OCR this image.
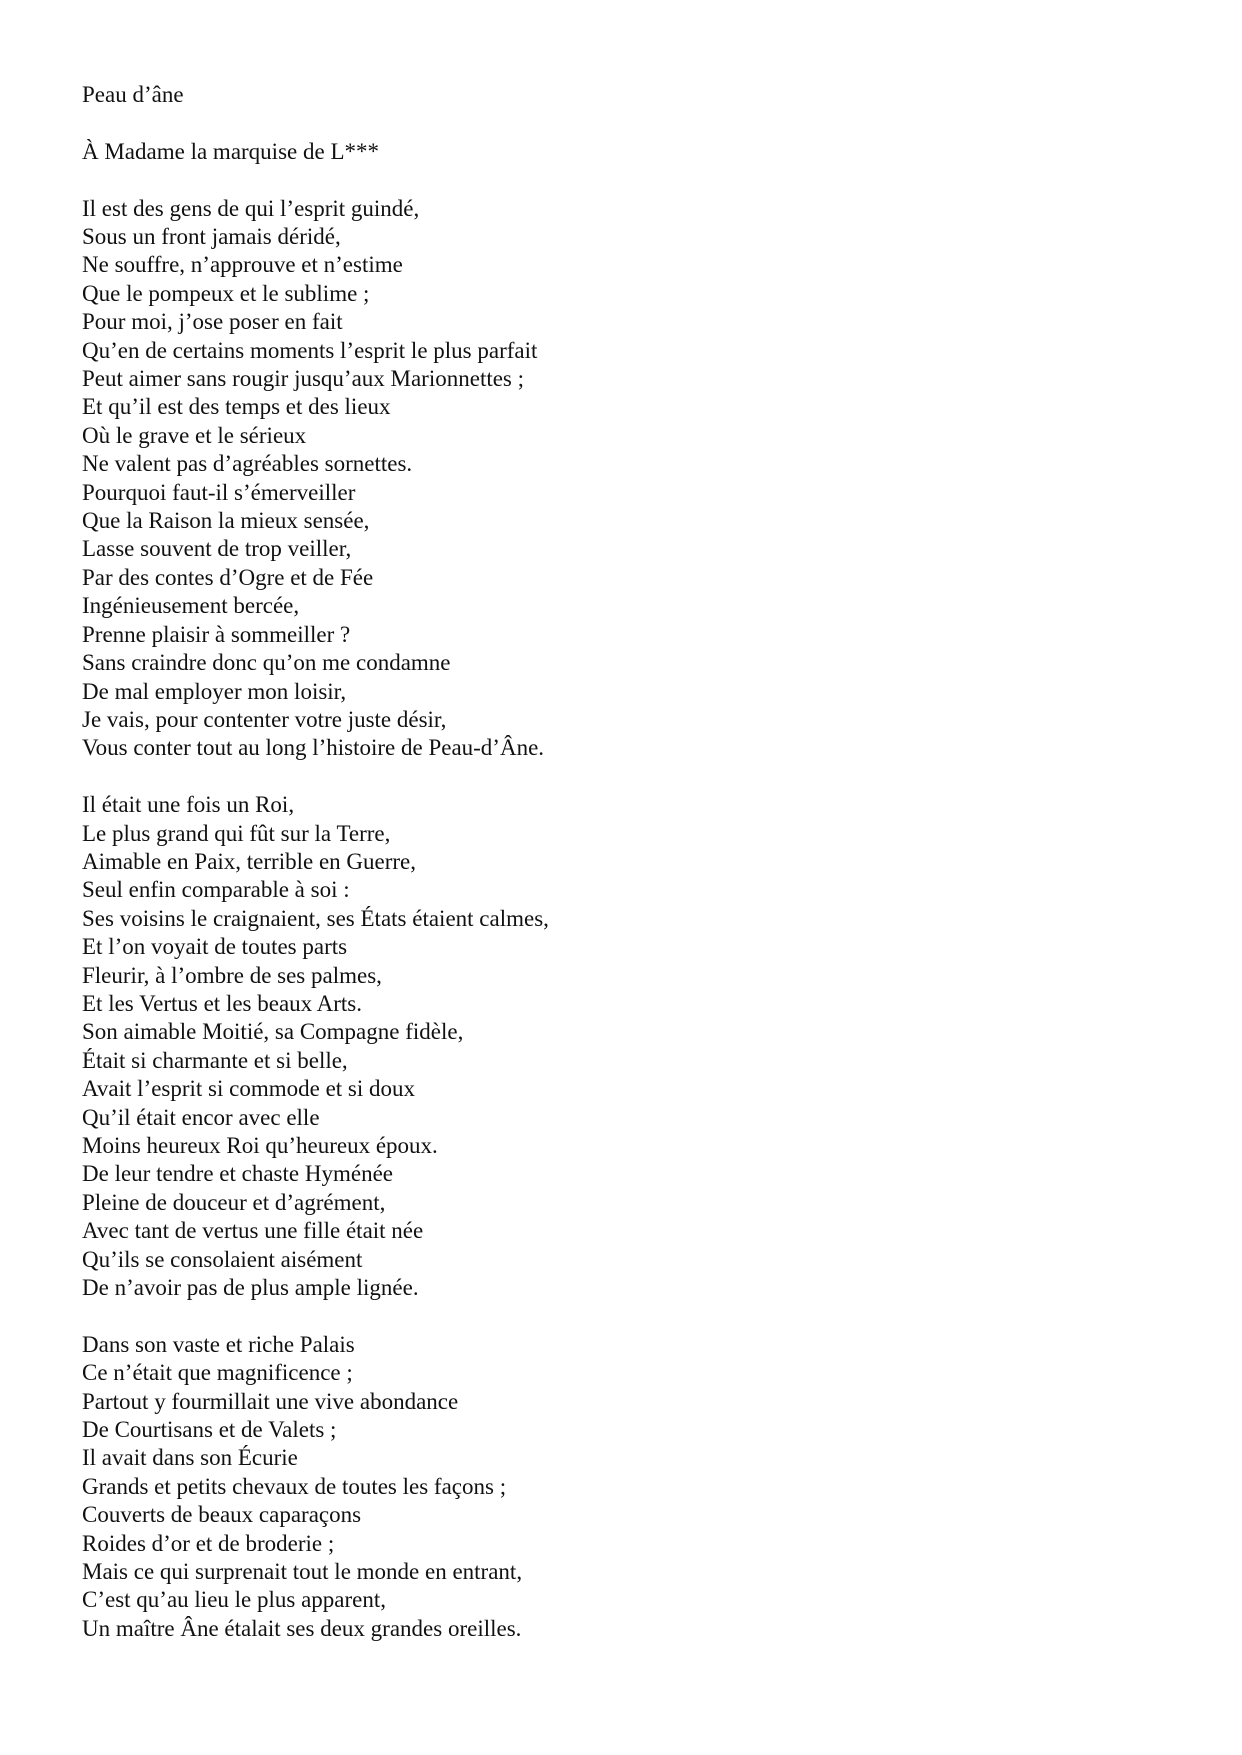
Peau d’âne
À Madame la marquise de L***
Il est des gens de qui l’esprit guindé,
Sous un front jamais déridé,
Ne souffre, n’approuve et n’estime
Que le pompeux et le sublime ;
Pour moi, j’ose poser en fait
Qu’en de certains moments l’esprit le plus parfait
Peut aimer sans rougir jusqu’aux Marionnettes ;
Et qu’il est des temps et des lieux
Où le grave et le sérieux
Ne valent pas d’agréables sornettes.
Pourquoi faut-il s’émerveiller
Que la Raison la mieux sensée,
Lasse souvent de trop veiller,
Par des contes d’Ogre et de Fée
Ingénieusement bercée,
Prenne plaisir à sommeiller ?
Sans craindre donc qu’on me condamne
De mal employer mon loisir,
Je vais, pour contenter votre juste désir,
Vous conter tout au long l’histoire de Peau-d’Âne.
Il était une fois un Roi,
Le plus grand qui fût sur la Terre,
Aimable en Paix, terrible en Guerre,
Seul enfin comparable à soi :
Ses voisins le craignaient, ses États étaient calmes,
Et l’on voyait de toutes parts
Fleurir, à l’ombre de ses palmes,
Et les Vertus et les beaux Arts.
Son aimable Moitié, sa Compagne fidèle,
Était si charmante et si belle,
Avait l’esprit si commode et si doux
Qu’il était encor avec elle
Moins heureux Roi qu’heureux époux.
De leur tendre et chaste Hyménée
Pleine de douceur et d’agrément,
Avec tant de vertus une fille était née
Qu’ils se consolaient aisément
De n’avoir pas de plus ample lignée.
Dans son vaste et riche Palais
Ce n’était que magnificence ;
Partout y fourmillait une vive abondance
De Courtisans et de Valets ;
Il avait dans son Écurie
Grands et petits chevaux de toutes les façons ;
Couverts de beaux caparaçons
Roides d’or et de broderie ;
Mais ce qui surprenait tout le monde en entrant,
C’est qu’au lieu le plus apparent,
Un maître Âne étalait ses deux grandes oreilles.
